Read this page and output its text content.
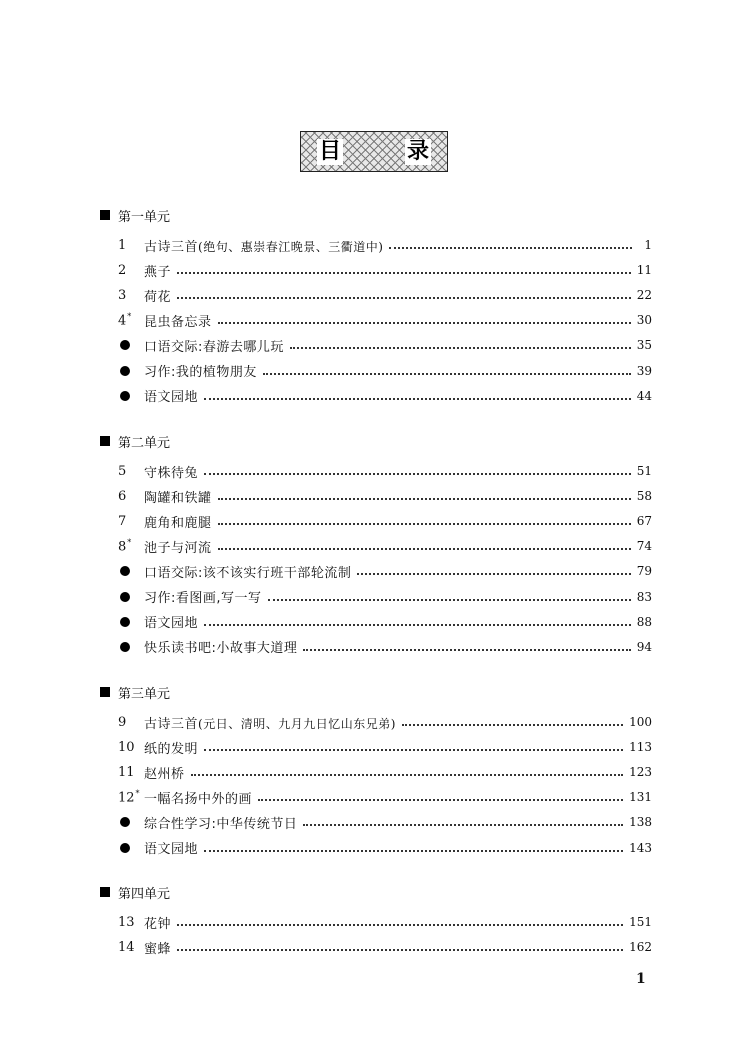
目	录
第一单元
1	古诗三首(绝句、惠崇春江晚景、三衢道中)	1
2	燕子	11
3	荷花	22
4* 昆虫备忘录	30
口语交际:春游去哪儿玩	35
习作:我的植物朋友	39
语文园地	44
第二单元
5	守株待兔	51
6	陶罐和铁罐	58
7	鹿角和鹿腿	67
8* 池子与河流	74
口语交际:该不该实行班干部轮流制	79
习作:看图画,写一写	83
语文园地	88
快乐读书吧:小故事大道理	94
第三单元
9	古诗三首(元日、清明、九月九日忆山东兄弟)	100
10 纸的发明	113
11 赵州桥	123
12* 一幅名扬中外的画	131
综合性学习:中华传统节日	138
语文园地	143
第四单元
13 花钟	151
14 蜜蜂	162
1
